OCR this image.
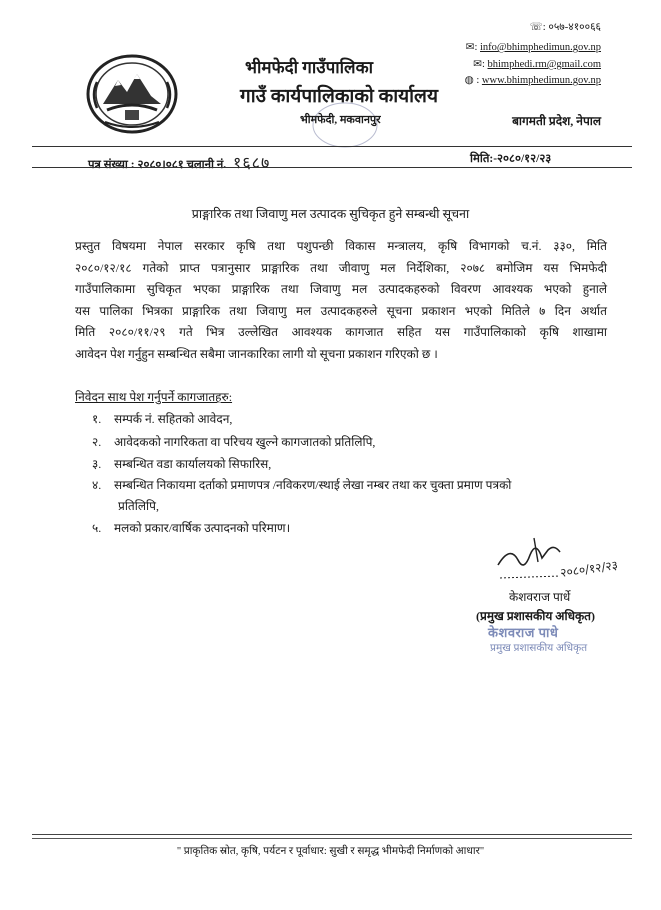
भीमफेदी गाउँपालिका
गाउँ कार्यपालिकाको कार्यालय
☏: ०५७-४१००६६
✉: info@bhimphedimun.gov.np
✉: bhimphedi.rm@gmail.com
◍ : www.bhimphedimun.gov.np
बागमती प्रदेश, नेपाल
भीमफेदी, मकवानपुर
पत्र संख्या : २०८०।०८१ चलानी नं. १६८७	मिति:-२०८०/१२/२३
प्राङ्गारिक तथा जिवाणु मल उत्पादक सुचिकृत हुने सम्बन्धी सूचना
प्रस्तुत विषयमा नेपाल सरकार कृषि तथा पशुपन्छी विकास मन्त्रालय, कृषि विभागको च.नं. ३३०, मिति
२०८०/१२/१८ गतेको प्राप्त पत्रानुसार प्राङ्गारिक तथा जीवाणु मल निर्देशिका, २०७८ बमोजिम यस भिमफेदी
गाउँपालिकामा सुचिकृत भएका प्राङ्गारिक तथा जिवाणु मल उत्पादकहरुको विवरण आवश्यक भएको हुनाले
यस पालिका भित्रका प्राङ्गारिक तथा जिवाणु मल उत्पादकहरुले सूचना प्रकाशन भएको मितिले ७ दिन अर्थात
मिति २०८०/११/२९ गते भित्र उल्लेखित आवश्यक कागजात सहित यस गाउँपालिकाको कृषि शाखामा
आवेदन पेश गर्नुहुन सम्बन्धित सबैमा जानकारिका लागी यो सूचना प्रकाशन गरिएको छ ।
निवेदन साथ पेश गर्नुपर्ने कागजातहरु:
१. सम्पर्क नं. सहितको आवेदन,
२. आवेदकको नागरिकता वा परिचय खुल्ने कागजातको प्रतिलिपि,
३. सम्बन्धित वडा कार्यालयको सिफारिस,
४. सम्बन्धित निकायमा दर्ताको प्रमाणपत्र /नविकरण/स्थाई लेखा नम्बर तथा कर चुक्ता प्रमाण पत्रको
प्रतिलिपि,
५. मलको प्रकार/वार्षिक उत्पादनको परिमाण।
२०८०/१२/२३
केशवराज पार्धे
(प्रमुख प्रशासकीय अधिकृत)
केशवराज पाधे
प्रमुख प्रशासकीय अधिकृत
" प्राकृतिक स्रोत, कृषि, पर्यटन र पूर्वाधार: सुखी र समृद्ध भीमफेदी निर्माणको आधार"
